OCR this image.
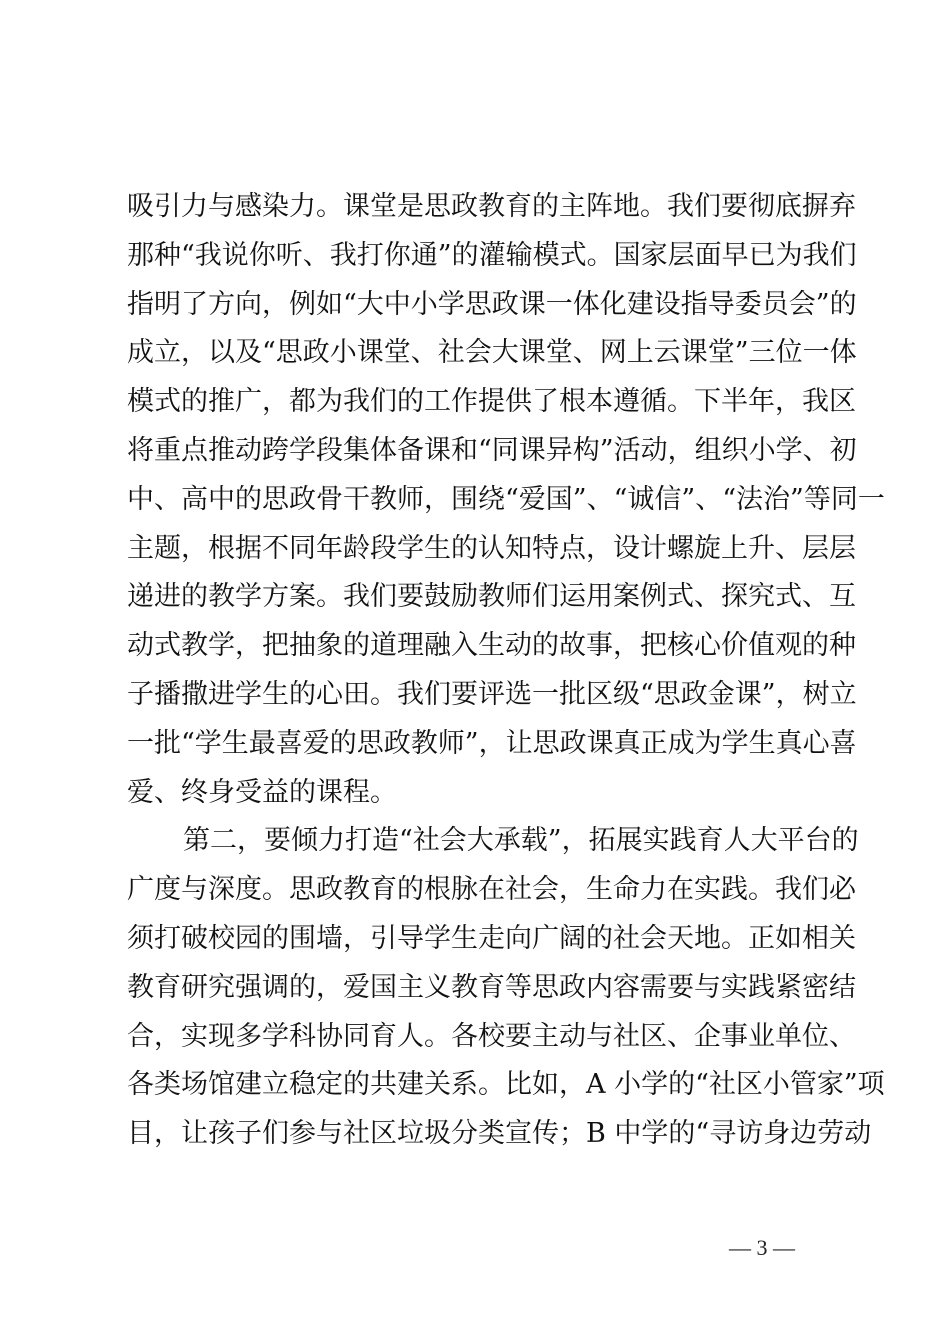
吸引力与感染力。课堂是思政教育的主阵地。我们要彻底摒弃
那种“我说你听、我打你通”的灌输模式。国家层面早已为我们
指明了方向，例如“大中小学思政课一体化建设指导委员会”的
成立，以及“思政小课堂、社会大课堂、网上云课堂”三位一体
模式的推广，都为我们的工作提供了根本遵循。下半年，我区
将重点推动跨学段集体备课和“同课异构”活动，组织小学、初
中、高中的思政骨干教师，围绕“爱国”、“诚信”、“法治”等同一
主题，根据不同年龄段学生的认知特点，设计螺旋上升、层层
递进的教学方案。我们要鼓励教师们运用案例式、探究式、互
动式教学，把抽象的道理融入生动的故事，把核心价值观的种
子播撒进学生的心田。我们要评选一批区级“思政金课”，树立
一批“学生最喜爱的思政教师”，让思政课真正成为学生真心喜
爱、终身受益的课程。
第二，要倾力打造“社会大承载”，拓展实践育人大平台的
广度与深度。思政教育的根脉在社会，生命力在实践。我们必
须打破校园的围墙，引导学生走向广阔的社会天地。正如相关
教育研究强调的，爱国主义教育等思政内容需要与实践紧密结
合，实现多学科协同育人。各校要主动与社区、企事业单位、
各类场馆建立稳定的共建关系。比如，A 小学的“社区小管家”项
目，让孩子们参与社区垃圾分类宣传；B 中学的“寻访身边劳动
— 3 —
